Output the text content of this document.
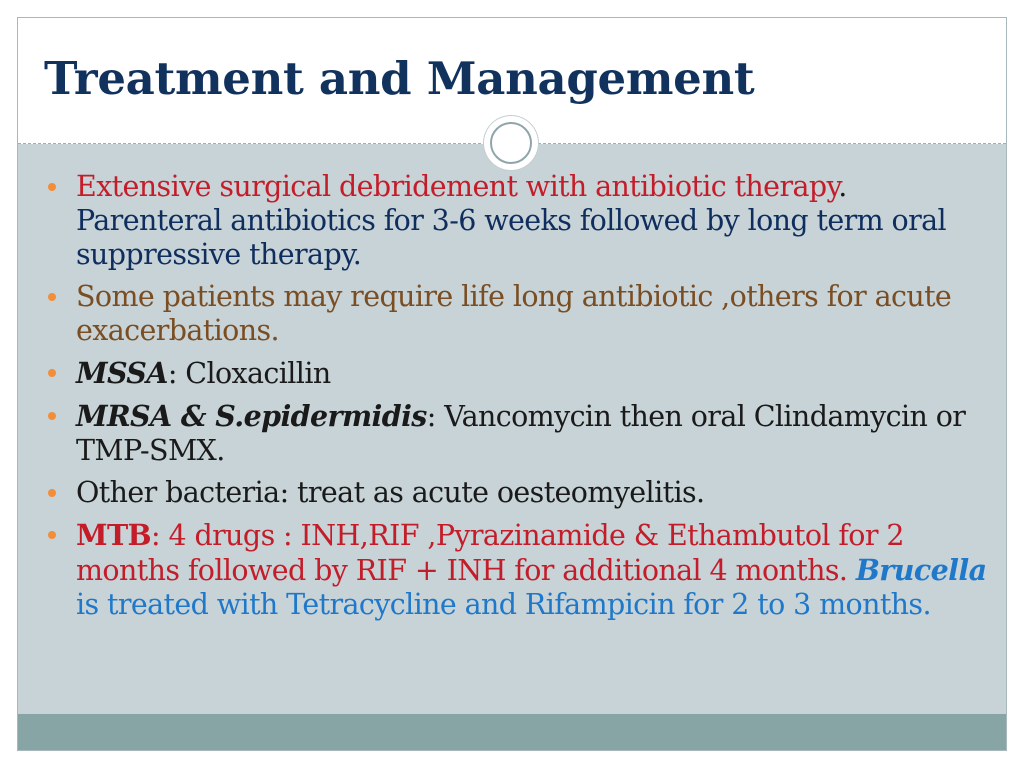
Treatment and Management
Extensive surgical debridement with antibiotic therapy. Parenteral antibiotics for 3-6 weeks followed by long term oral suppressive therapy.
Some patients may require life long antibiotic ,others for acute exacerbations.
MSSA: Cloxacillin
MRSA & S.epidermidis: Vancomycin then oral Clindamycin or TMP-SMX.
Other bacteria: treat as acute oesteomyelitis.
MTB: 4 drugs : INH,RIF ,Pyrazinamide & Ethambutol for 2 months followed by RIF + INH for additional 4 months. Brucella is treated with Tetracycline and Rifampicin for 2 to 3 months.
